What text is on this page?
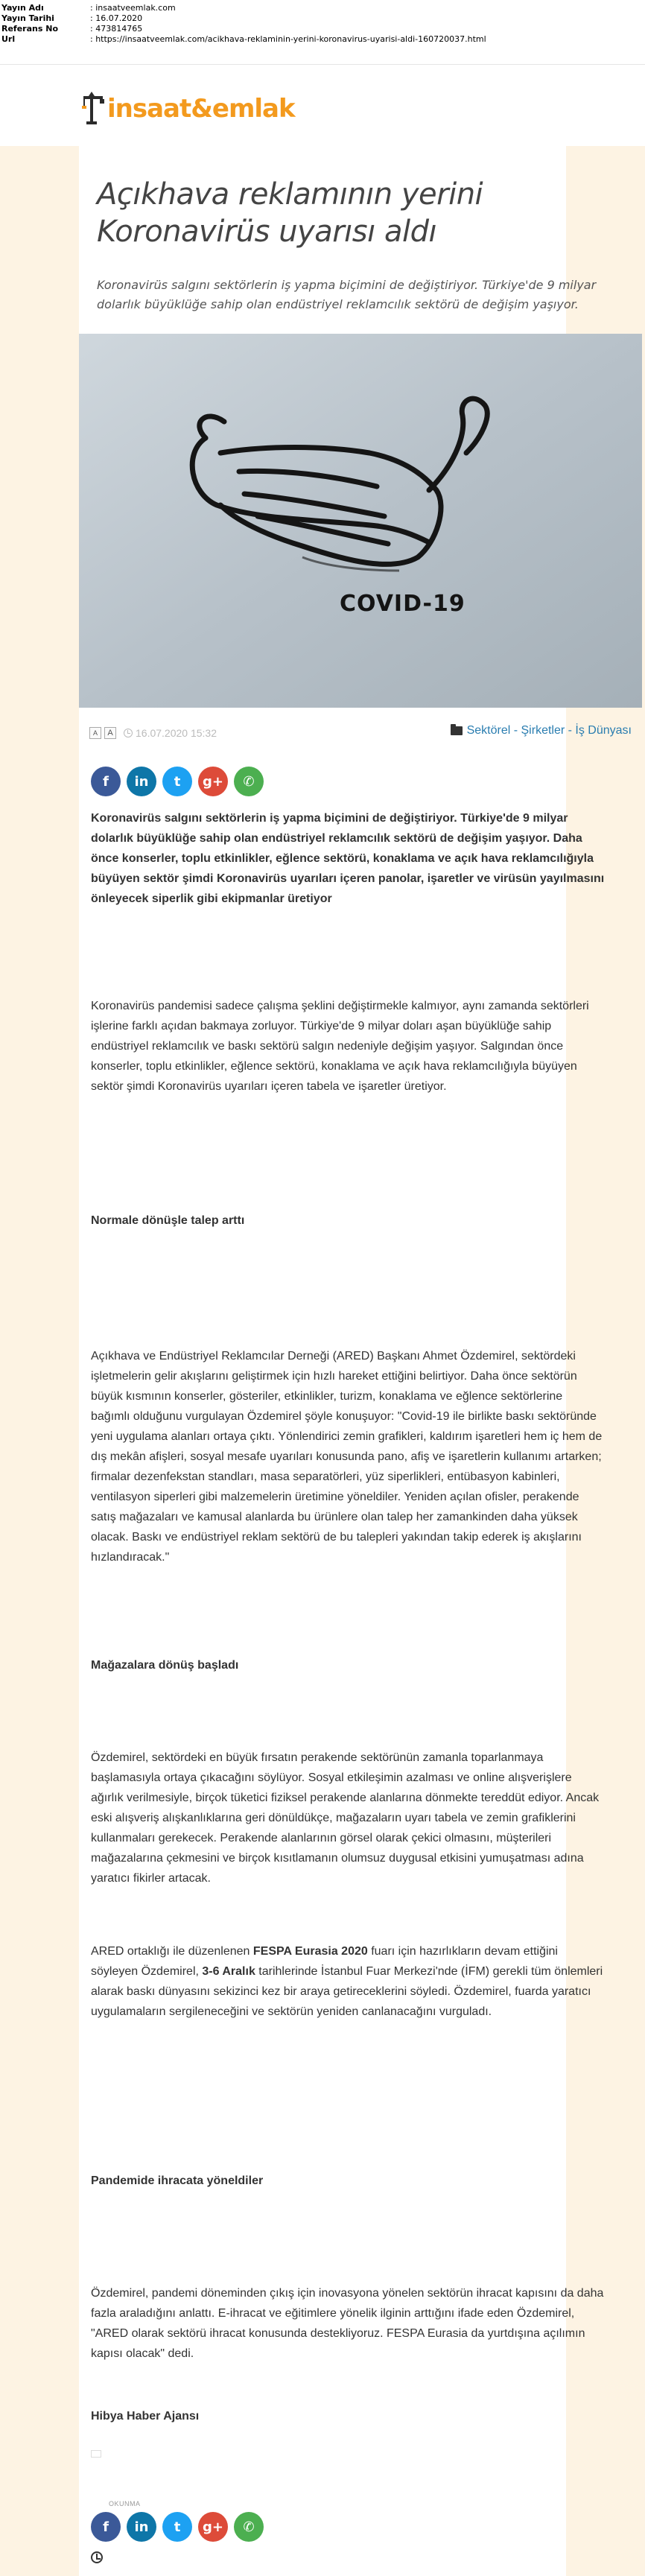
Yayın Adı	: insaatveemlak.com
Yayın Tarihi	: 16.07.2020
Referans No	: 473814765
Url	: https://insaatveemlak.com/acikhava-reklaminin-yerini-koronavirus-uyarisi-aldi-160720037.html
insaat&emlak
Açıkhava reklamının yerini Koronavirüs uyarısı aldı
Koronavirüs salgını sektörlerin iş yapma biçimini de değiştiriyor. Türkiye'de 9 milyar dolarlık büyüklüğe sahip olan endüstriyel reklamcılık sektörü de değişim yaşıyor.
COVID-19
A	A	16.07.2020 15:32	Sektörel - Şirketler - İş Dünyası
f	in	t	g+	✆
Koronavirüs salgını sektörlerin iş yapma biçimini de değiştiriyor. Türkiye'de 9 milyar dolarlık büyüklüğe sahip olan endüstriyel reklamcılık sektörü de değişim yaşıyor. Daha önce konserler, toplu etkinlikler, eğlence sektörü, konaklama ve açık hava reklamcılığıyla büyüyen sektör şimdi Koronavirüs uyarıları içeren panolar, işaretler ve virüsün yayılmasını önleyecek siperlik gibi ekipmanlar üretiyor
Koronavirüs pandemisi sadece çalışma şeklini değiştirmekle kalmıyor, aynı zamanda sektörleri işlerine farklı açıdan bakmaya zorluyor. Türkiye'de 9 milyar doları aşan büyüklüğe sahip endüstriyel reklamcılık ve baskı sektörü salgın nedeniyle değişim yaşıyor. Salgından önce konserler, toplu etkinlikler, eğlence sektörü, konaklama ve açık hava reklamcılığıyla büyüyen sektör şimdi Koronavirüs uyarıları içeren tabela ve işaretler üretiyor.
Normale dönüşle talep arttı
Açıkhava ve Endüstriyel Reklamcılar Derneği (ARED) Başkanı Ahmet Özdemirel, sektördeki işletmelerin gelir akışlarını geliştirmek için hızlı hareket ettiğini belirtiyor. Daha önce sektörün büyük kısmının konserler, gösteriler, etkinlikler, turizm, konaklama ve eğlence sektörlerine bağımlı olduğunu vurgulayan Özdemirel şöyle konuşuyor: "Covid-19 ile birlikte baskı sektöründe yeni uygulama alanları ortaya çıktı. Yönlendirici zemin grafikleri, kaldırım işaretleri hem iç hem de dış mekân afişleri, sosyal mesafe uyarıları konusunda pano, afiş ve işaretlerin kullanımı artarken; firmalar dezenfekstan standları, masa separatörleri, yüz siperlikleri, entübasyon kabinleri, ventilasyon siperleri gibi malzemelerin üretimine yöneldiler. Yeniden açılan ofisler, perakende satış mağazaları ve kamusal alanlarda bu ürünlere olan talep her zamankinden daha yüksek olacak. Baskı ve endüstriyel reklam sektörü de bu talepleri yakından takip ederek iş akışlarını hızlandıracak."
Mağazalara dönüş başladı
Özdemirel, sektördeki en büyük fırsatın perakende sektörünün zamanla toparlanmaya başlamasıyla ortaya çıkacağını söylüyor. Sosyal etkileşimin azalması ve online alışverişlere ağırlık verilmesiyle, birçok tüketici fiziksel perakende alanlarına dönmekte tereddüt ediyor. Ancak eski alışveriş alışkanlıklarına geri dönüldükçe, mağazaların uyarı tabela ve zemin grafiklerini kullanmaları gerekecek. Perakende alanlarının görsel olarak çekici olmasını, müşterileri mağazalarına çekmesini ve birçok kısıtlamanın olumsuz duygusal etkisini yumuşatması adına yaratıcı fikirler artacak.
ARED ortaklığı ile düzenlenen FESPA Eurasia 2020 fuarı için hazırlıkların devam ettiğini söyleyen Özdemirel, 3-6 Aralık tarihlerinde İstanbul Fuar Merkezi'nde (İFM) gerekli tüm önlemleri alarak baskı dünyasını sekizinci kez bir araya getireceklerini söyledi. Özdemirel, fuarda yaratıcı uygulamaların sergileneceğini ve sektörün yeniden canlanacağını vurguladı.
Pandemide ihracata yöneldiler
Özdemirel, pandemi döneminden çıkış için inovasyona yönelen sektörün ihracat kapısını da daha fazla araladığını anlattı. E-ihracat ve eğitimlere yönelik ilginin arttığını ifade eden Özdemirel, "ARED olarak sektörü ihracat konusunda destekliyoruz. FESPA Eurasia da yurtdışına açılımın kapısı olacak" dedi.
Hibya Haber Ajansı
OKUNMA
f	in	t	g+	✆
